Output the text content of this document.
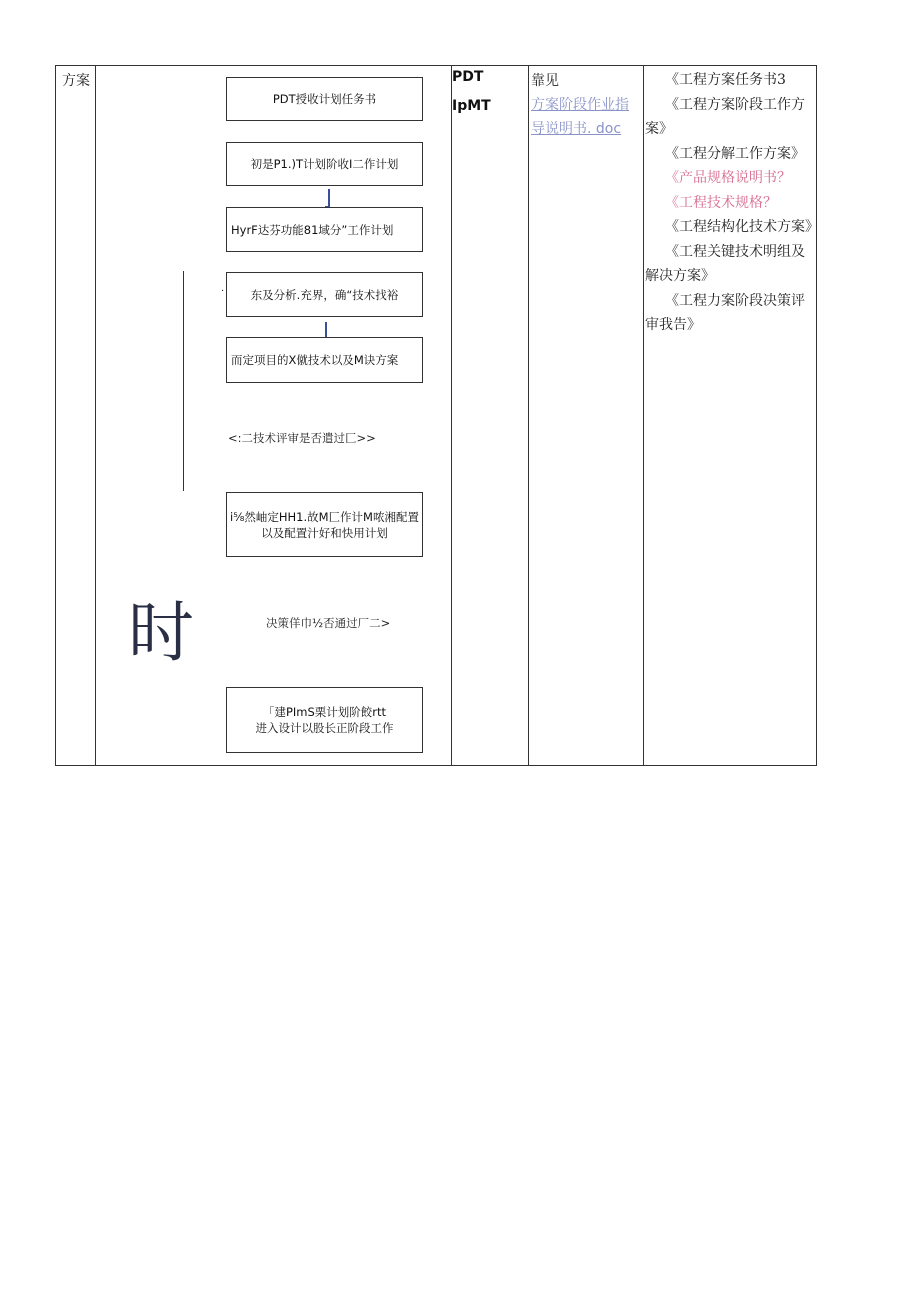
方案
PDT授收计划任务书
初是P1.)T计划阶收I二作计划
HyrF达芬功能81域分”工作计划
·	东及分析.充界，确“技术找裕
而定项目的X僦技术以及M诀方案
<:二技术评审是否遣过匚>>
i⅝然岫定HH1.故M匚作计M哝湘配置
以及配置汁好和快用计划
时	决策佯巾½否通过厂二>
「建PImS栗计划阶餃rtt
进入设计以股长正阶段工作
PDT
IpMT
靠见
方案阶段作业指导说明书. doc
《工程方案任务书3
《工程方案阶段工作方案》
《工程分解工作方案》
《产品规格说明书？
《工程技术规格？
《工程结构化技术方案》
《工程关键技术明组及解决方案》
《工程力案阶段决策评审我告》
